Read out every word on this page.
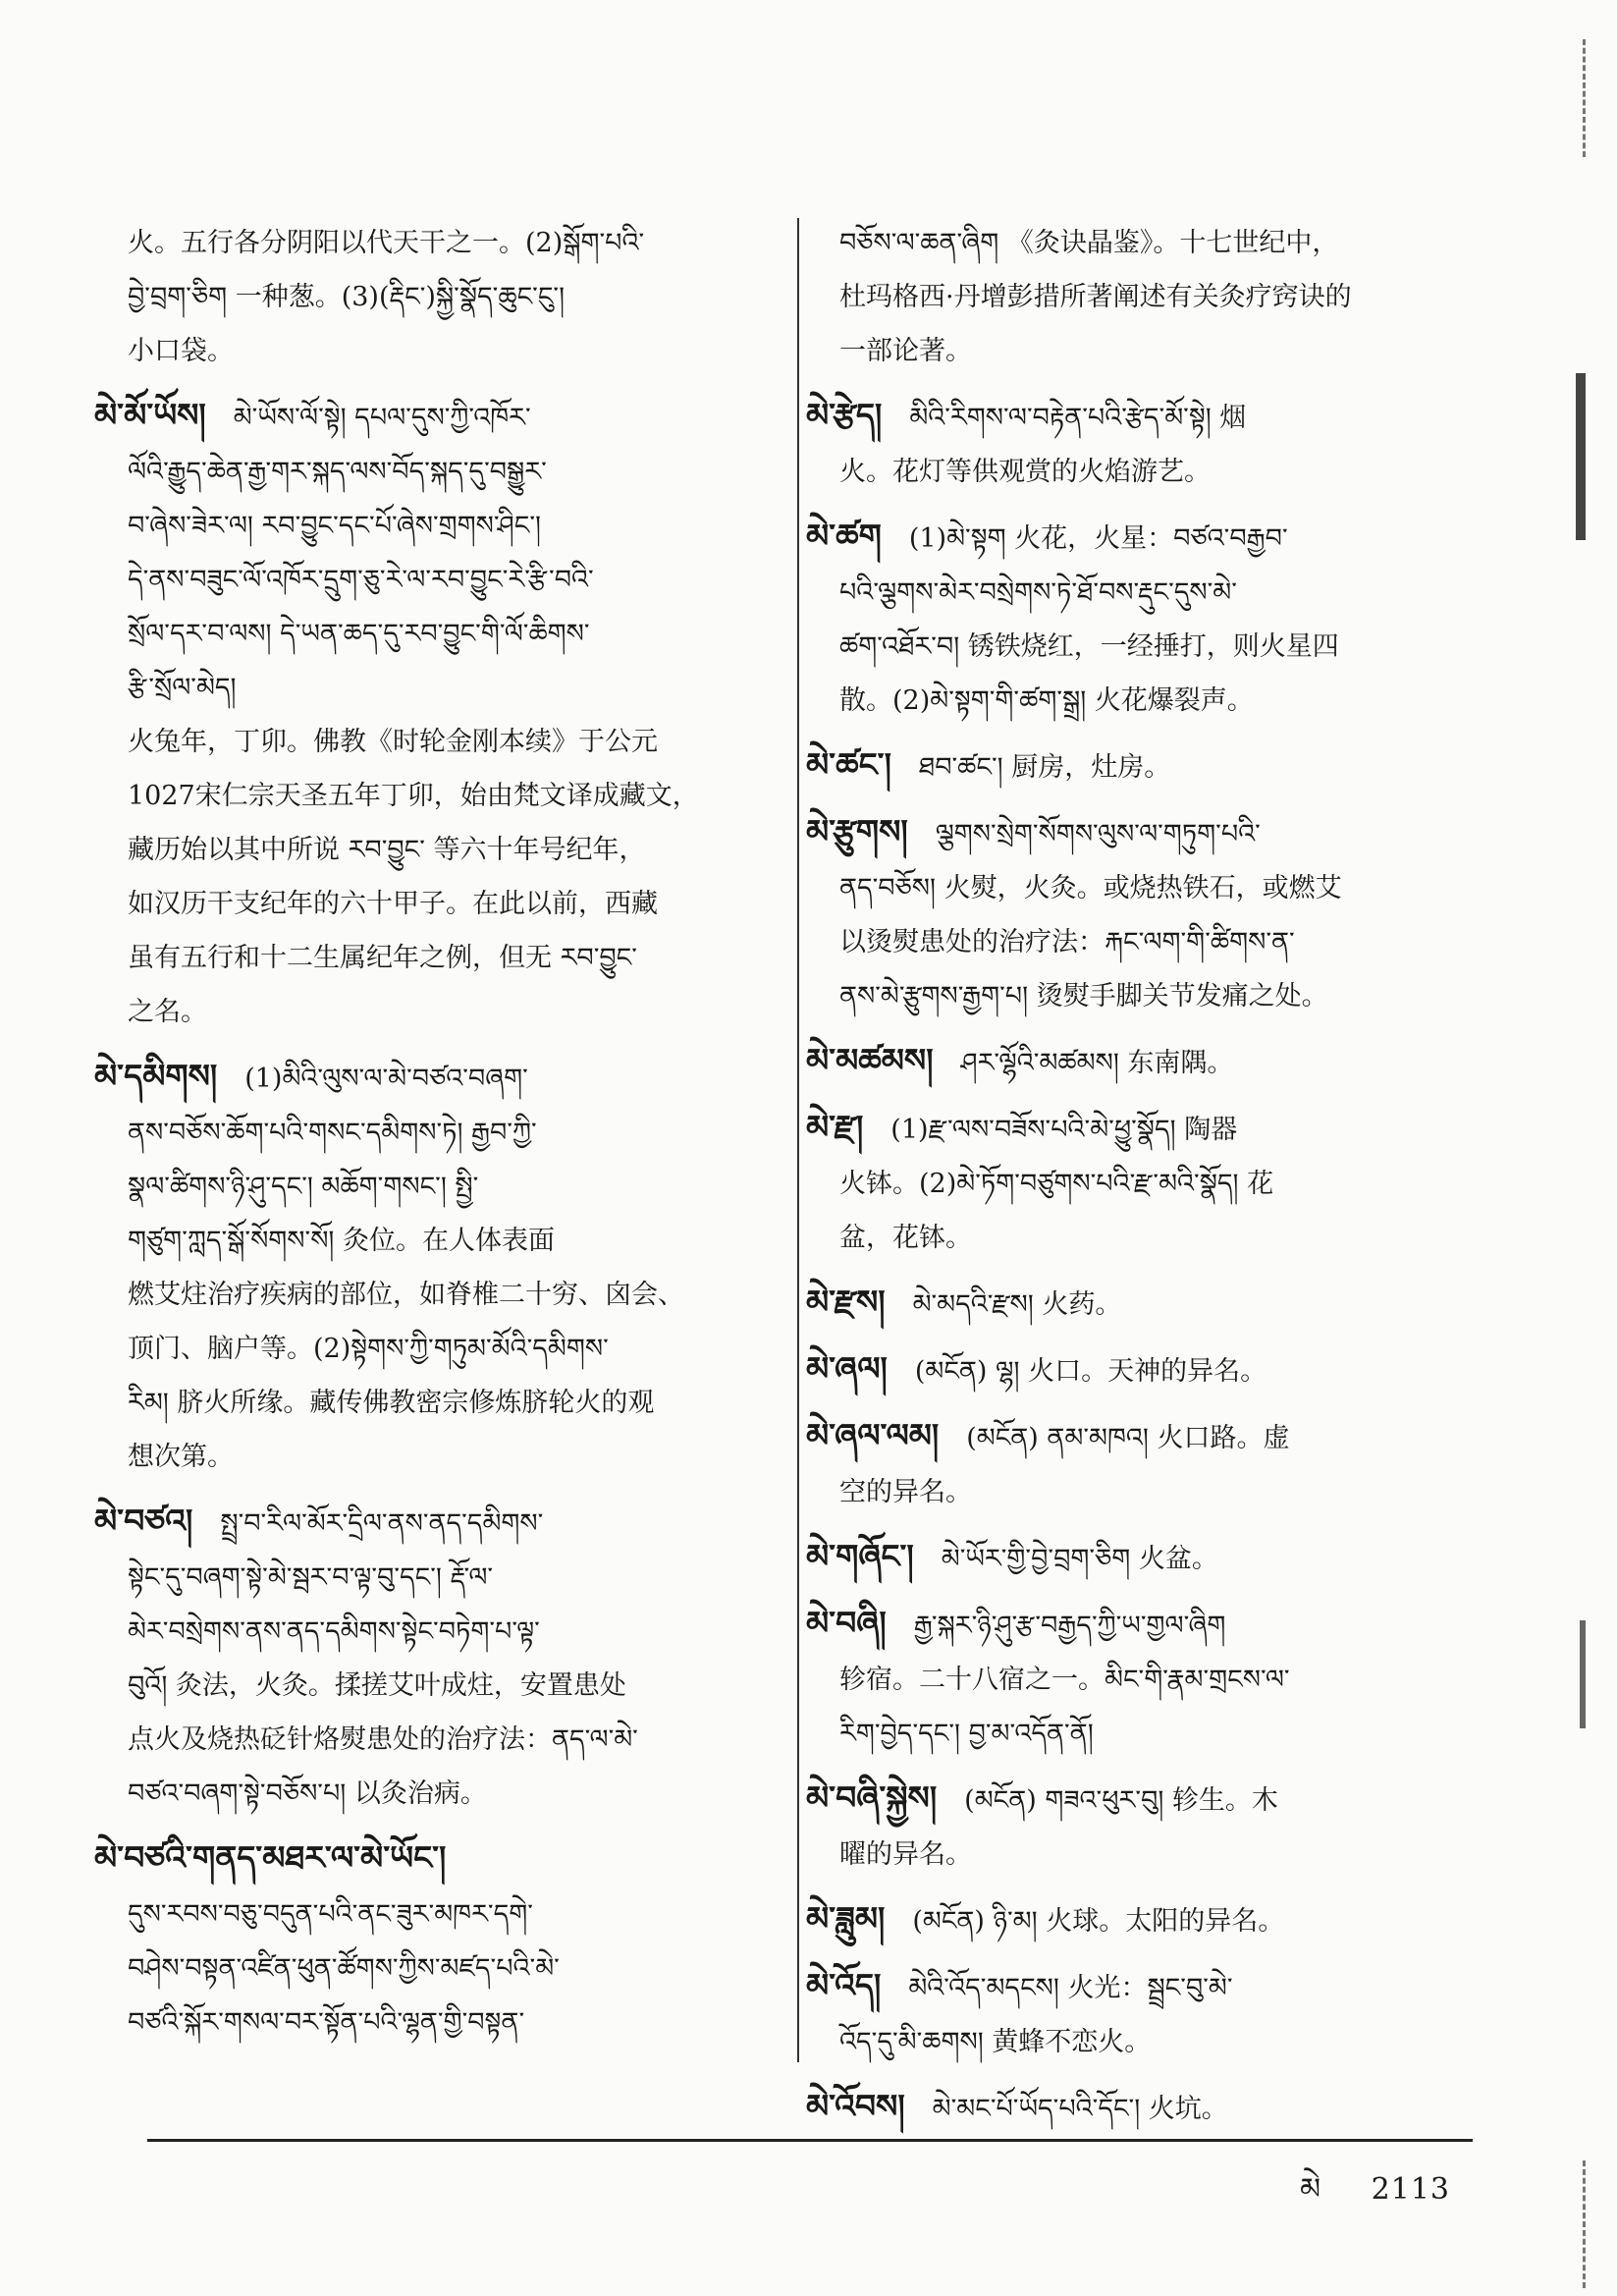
火。五行各分阴阳以代天干之一。(2)སྒོག་པའི་

བྱེ་བྲག་ཅིག 一种葱。(3)(རྡིང་)སྐྱི་སྣོད་ཆུང་ངུ་།

小口袋。

མེ་མོ་ཡོས། མེ་ཡོས་ལོ་སྟེ། དཔལ་དུས་ཀྱི་འཁོར་

ལོའི་རྒྱུད་ཆེན་རྒྱ་གར་སྐད་ལས་བོད་སྐད་དུ་བསྒྱུར་

བ་ཞེས་ཟེར་ལ། རབ་བྱུང་དང་པོ་ཞེས་གྲགས་ཤིང་།

དེ་ནས་བཟུང་ལོ་འཁོར་དྲུག་ཅུ་རེ་ལ་རབ་བྱུང་རེ་རྩི་བའི་

སྲོལ་དར་བ་ལས། དེ་ཡན་ཆད་དུ་རབ་བྱུང་གི་ལོ་ཆིགས་

རྩི་སྲོལ་མེད།

火兔年，丁卯。佛教《时轮金刚本续》于公元

1027宋仁宗天圣五年丁卯，始由梵文译成藏文，

藏历始以其中所说 རབ་བྱུང་ 等六十年号纪年，

如汉历干支纪年的六十甲子。在此以前，西藏

虽有五行和十二生属纪年之例，但无 རབ་བྱུང་

之名。

མེ་དམིགས། (1)མིའི་ལུས་ལ་མེ་བཙའ་བཞག་

ནས་བཅོས་ཆོག་པའི་གསང་དམིགས་ཏེ། རྒྱབ་ཀྱི་

སྣལ་ཚིགས་ཉི་ཤུ་དང་། མཆོག་གསང་། སྤྱི་

གཙུག་ཀླད་སྒོ་སོགས་སོ། 灸位。在人体表面

燃艾炷治疗疾病的部位，如脊椎二十穷、囟会、

顶门、脑户等。(2)སྟེགས་ཀྱི་གཏུམ་མོའི་དམིགས་

རིམ། 脐火所缘。藏传佛教密宗修炼脐轮火的观

想次第。

མེ་བཙའ། སྤྲ་བ་རིལ་མོར་དྲིལ་ནས་ནད་དམིགས་

སྟེང་དུ་བཞག་སྟེ་མེ་སྦར་བ་ལྟ་བུ་དང་། རྡོ་ལ་

མེར་བསྲེགས་ནས་ནད་དམིགས་སྟེང་བཏེག་པ་ལྟ་

བུའོ། 灸法，火灸。揉搓艾叶成炷，安置患处

点火及烧热砭针烙熨患处的治疗法：ནད་ལ་མེ་

བཙའ་བཞག་སྟེ་བཅོས་པ། 以灸治病。

མེ་བཙའི་གནད་མཐར་ལ་མེ་ཡོང་།

དུས་རབས་བཅུ་བདུན་པའི་ནང་ཟུར་མཁར་དགེ་

བཤེས་བསྟན་འཛིན་ཕུན་ཚོགས་ཀྱིས་མཛད་པའི་མེ་

བཙའི་སྐོར་གསལ་བར་སྟོན་པའི་ལྷན་གྱི་བསྟན་

བཅོས་ལ་ཆན་ཞིག 《灸诀晶鉴》。十七世纪中，

杜玛格西·丹增彭措所著阐述有关灸疗窍诀的

一部论著。

མེ་རྩེད། མིའི་རིགས་ལ་བརྟེན་པའི་རྩེད་མོ་སྟེ། 烟

火。花灯等供观赏的火焰游艺。

མེ་ཚག (1)མེ་སྟག 火花，火星：བཙའ་བརྒྱབ་

པའི་ལྕགས་མེར་བསྲེགས་ཏེ་ཐོ་བས་རྡུང་དུས་མེ་

ཚག་འཐོར་བ། 锈铁烧红，一经捶打，则火星四

散。(2)མེ་སྟག་གི་ཚག་སྒྲ། 火花爆裂声。

མེ་ཚང་། ཐབ་ཚང་། 厨房，灶房。

མེ་རྩུགས། ལྕགས་སྲེག་སོགས་ལུས་ལ་གཏུག་པའི་

ནད་བཅོས། 火熨，火灸。或烧热铁石，或燃艾

以烫熨患处的治疗法：རྐང་ལག་གི་ཚིགས་ན་

ནས་མེ་རྩུགས་རྒྱག་པ། 烫熨手脚关节发痛之处。

མེ་མཚམས། ཤར་ལྷོའི་མཚམས། 东南隅。

མེ་རྫ། (1)རྫ་ལས་བཟོས་པའི་མེ་ཕྱུ་སྣོད། 陶器

火钵。(2)མེ་ཏོག་བཙུགས་པའི་རྫ་མའི་སྣོད། 花

盆，花钵。

མེ་རྫས། མེ་མདའི་རྫས། 火药。

མེ་ཞལ། (མངོན) ལྷ། 火口。天神的异名。

མེ་ཞལ་ལམ། (མངོན) ནམ་མཁའ། 火口路。虚

空的异名。

མེ་གཞོང་། མེ་ཡོར་གྱི་བྱེ་བྲག་ཅིག 火盆。

མེ་བཞི། རྒྱ་སྐར་ཉི་ཤུ་རྩ་བརྒྱད་ཀྱི་ཡ་གྱལ་ཞིག

轸宿。二十八宿之一。མིང་གི་རྣམ་གྲངས་ལ་

རིག་བྱེད་དང་། བྱ་མ་འདོན་ནོ།

མེ་བཞི་སྐྱེས། (མངོན) གཟའ་ཕུར་བུ། 轸生。木

曜的异名。

མེ་ཟླུམ། (མངོན) ཉི་མ། 火球。太阳的异名。

མེ་འོད། མེའི་འོད་མདངས། 火光：སྦྲང་བུ་མེ་

འོད་དུ་མི་ཆགས། 黄蜂不恋火。

མེ་འོབས། མེ་མང་པོ་ཡོད་པའི་དོང་། 火坑。

མེ 2113
